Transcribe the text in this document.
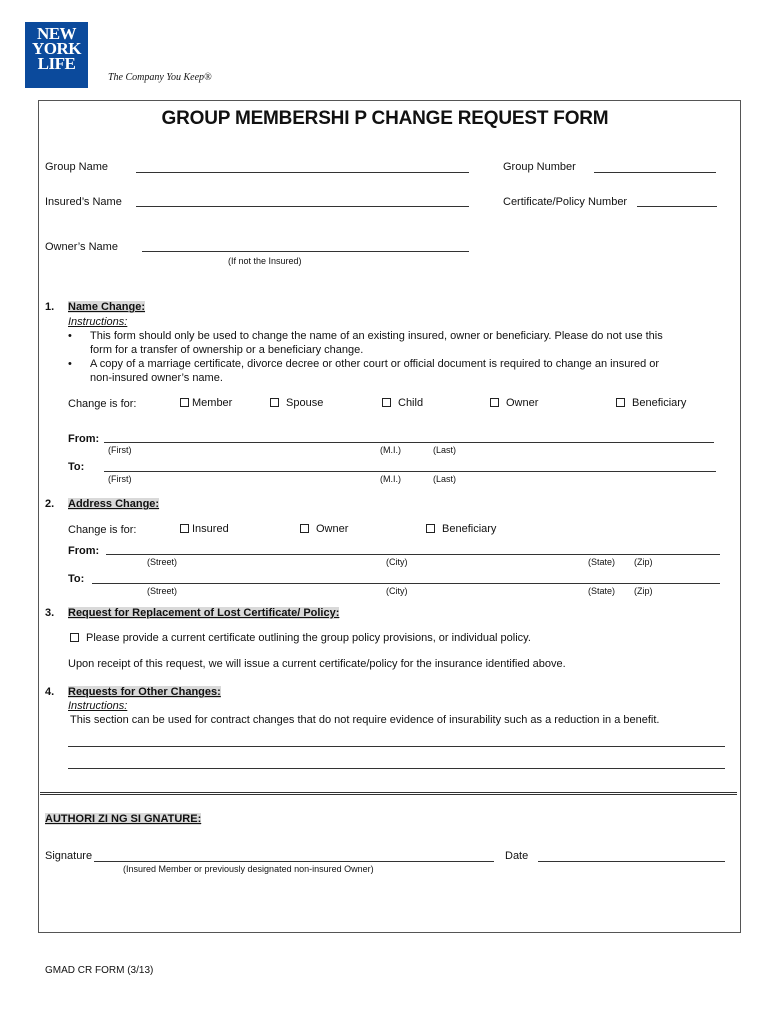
NEW
YORK
LIFE
The Company You Keep®
GROUP MEMBERSHI P CHANGE REQUEST FORM
Group Name	Group Number
Insured’s Name	Certificate/Policy Number
Owner’s Name
(If not the Insured)
1. Name Change:
Instructions:
• This form should only be used to change the name of an existing insured, owner or beneficiary. Please do not use this
form for a transfer of ownership or a beneficiary change.
• A copy of a marriage certificate, divorce decree or other court or official document is required to change an insured or
non-insured owner’s name.
Change is for:	Member	Spouse	Child	Owner	Beneficiary
From:
(First)	(M.I.)	(Last)
To:
(First)	(M.I.)	(Last)
2. Address Change:
Change is for:	Insured	Owner	Beneficiary
From:
(Street)	(City)	(State) (Zip)
To:
(Street)	(City)	(State) (Zip)
3. Request for Replacement of Lost Certificate/ Policy:
Please provide a current certificate outlining the group policy provisions, or individual policy.
Upon receipt of this request, we will issue a current certificate/policy for the insurance identified above.
4. Requests for Other Changes:
Instructions:
This section can be used for contract changes that do not require evidence of insurability such as a reduction in a benefit.
AUTHORI ZI NG SI GNATURE:
Signature	Date
(Insured Member or previously designated non-insured Owner)
GMAD CR FORM (3/13)
